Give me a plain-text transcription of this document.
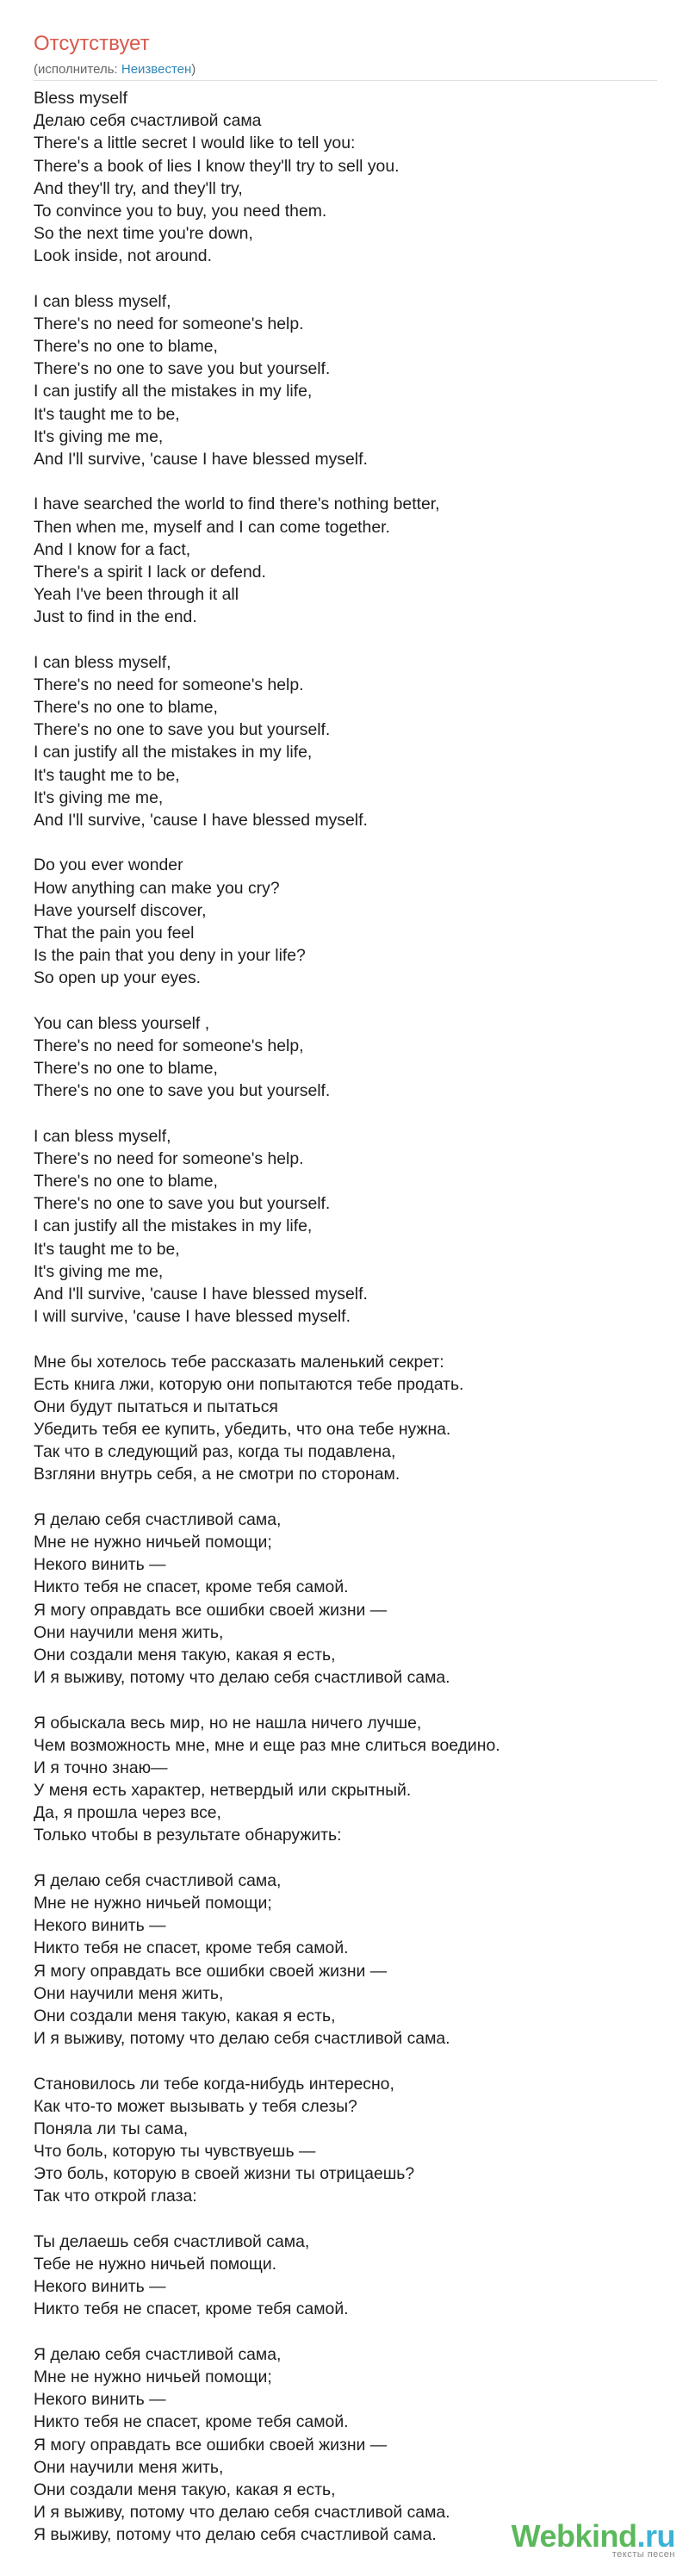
Отсутствует
(исполнитель: Неизвестен)
Bless myself
Делаю себя счастливой сама
There's a little secret I would like to tell you:
There's a book of lies I know they'll try to sell you.
And they'll try, and they'll try,
To convince you to buy, you need them.
So the next time you're down,
Look inside, not around.
I can bless myself,
There's no need for someone's help.
There's no one to blame,
There's no one to save you but yourself.
I can justify all the mistakes in my life,
It's taught me to be,
It's giving me me,
And I'll survive, 'cause I have blessed myself.
I have searched the world to find there's nothing better,
Then when me, myself and I can come together.
And I know for a fact,
There's a spirit I lack or defend.
Yeah I've been through it all
Just to find in the end.
I can bless myself,
There's no need for someone's help.
There's no one to blame,
There's no one to save you but yourself.
I can justify all the mistakes in my life,
It's taught me to be,
It's giving me me,
And I'll survive, 'cause I have blessed myself.
Do you ever wonder
How anything can make you cry?
Have yourself discover,
That the pain you feel
Is the pain that you deny in your life?
So open up your eyes.
You can bless yourself ,
There's no need for someone's help,
There's no one to blame,
There's no one to save you but yourself.
I can bless myself,
There's no need for someone's help.
There's no one to blame,
There's no one to save you but yourself.
I can justify all the mistakes in my life,
It's taught me to be,
It's giving me me,
And I'll survive, 'cause I have blessed myself.
I will survive, 'cause I have blessed myself.
Мне бы хотелось тебе рассказать маленький секрет:
Есть книга лжи, которую они попытаются тебе продать.
Они будут пытаться и пытаться
Убедить тебя ее купить, убедить, что она тебе нужна.
Так что в следующий раз, когда ты подавлена,
Взгляни внутрь себя, а не смотри по сторонам.
Я делаю себя счастливой сама,
Мне не нужно ничьей помощи;
Некого винить —
Никто тебя не спасет, кроме тебя самой.
Я могу оправдать все ошибки своей жизни —
Они научили меня жить,
Они создали меня такую, какая я есть,
И я выживу, потому что делаю себя счастливой сама.
Я обыскала весь мир, но не нашла ничего лучше,
Чем возможность мне, мне и еще раз мне слиться воедино.
И я точно знаю—
У меня есть характер, нетвердый или скрытный.
Да, я прошла через все,
Только чтобы в результате обнаружить:
Я делаю себя счастливой сама,
Мне не нужно ничьей помощи;
Некого винить —
Никто тебя не спасет, кроме тебя самой.
Я могу оправдать все ошибки своей жизни —
Они научили меня жить,
Они создали меня такую, какая я есть,
И я выживу, потому что делаю себя счастливой сама.
Становилось ли тебе когда-нибудь интересно,
Как что-то может вызывать у тебя слезы?
Поняла ли ты сама,
Что боль, которую ты чувствуешь —
Это боль, которую в своей жизни ты отрицаешь?
Так что открой глаза:
Ты делаешь себя счастливой сама,
Тебе не нужно ничьей помощи.
Некого винить —
Никто тебя не спасет, кроме тебя самой.
Я делаю себя счастливой сама,
Мне не нужно ничьей помощи;
Некого винить —
Никто тебя не спасет, кроме тебя самой.
Я могу оправдать все ошибки своей жизни —
Они научили меня жить,
Они создали меня такую, какая я есть,
И я выживу, потому что делаю себя счастливой сама.
Я выживу, потому что делаю себя счастливой сама.	Webkind.ru
тексты песен
